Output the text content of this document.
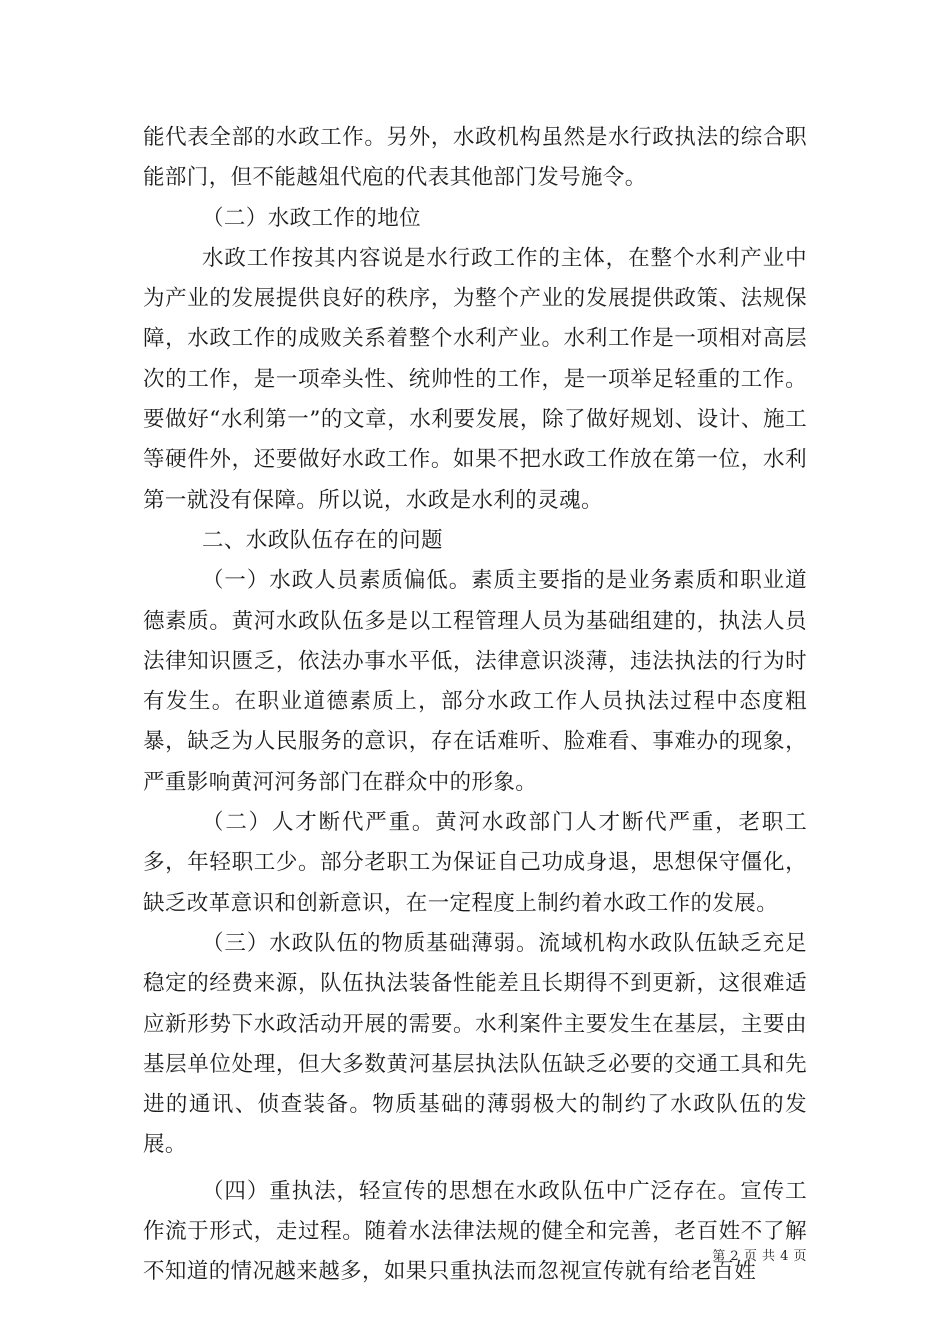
能代表全部的水政工作。另外，水政机构虽然是水行政执法的综合职能部门，但不能越俎代庖的代表其他部门发号施令。

（二）水政工作的地位

水政工作按其内容说是水行政工作的主体，在整个水利产业中为产业的发展提供良好的秩序，为整个产业的发展提供政策、法规保障，水政工作的成败关系着整个水利产业。水利工作是一项相对高层次的工作，是一项牵头性、统帅性的工作，是一项举足轻重的工作。要做好“水利第一”的文章，水利要发展，除了做好规划、设计、施工等硬件外，还要做好水政工作。如果不把水政工作放在第一位，水利第一就没有保障。所以说，水政是水利的灵魂。

二、水政队伍存在的问题

（一）水政人员素质偏低。素质主要指的是业务素质和职业道德素质。黄河水政队伍多是以工程管理人员为基础组建的，执法人员法律知识匮乏，依法办事水平低，法律意识淡薄，违法执法的行为时有发生。在职业道德素质上，部分水政工作人员执法过程中态度粗暴，缺乏为人民服务的意识，存在话难听、脸难看、事难办的现象，严重影响黄河河务部门在群众中的形象。

（二）人才断代严重。黄河水政部门人才断代严重，老职工多，年轻职工少。部分老职工为保证自己功成身退，思想保守僵化，缺乏改革意识和创新意识，在一定程度上制约着水政工作的发展。

（三）水政队伍的物质基础薄弱。流域机构水政队伍缺乏充足稳定的经费来源，队伍执法装备性能差且长期得不到更新，这很难适应新形势下水政活动开展的需要。水利案件主要发生在基层，主要由基层单位处理，但大多数黄河基层执法队伍缺乏必要的交通工具和先进的通讯、侦查装备。物质基础的薄弱极大的制约了水政队伍的发展。

（四）重执法，轻宣传的思想在水政队伍中广泛存在。宣传工作流于形式，走过程。随着水法律法规的健全和完善，老百姓不了解不知道的情况越来越多，如果只重执法而忽视宣传就有给老百姓

第 2 页 共 4 页
